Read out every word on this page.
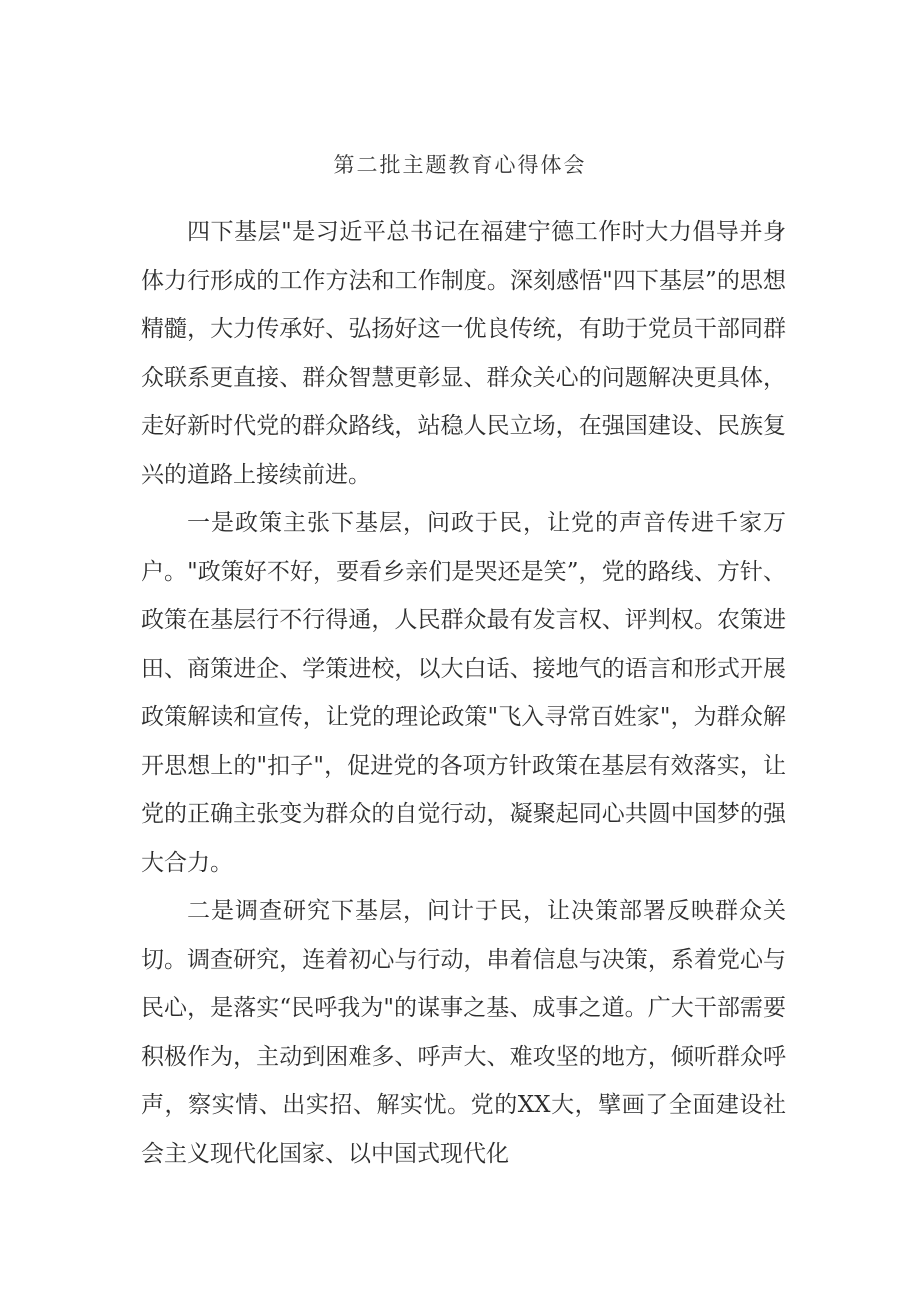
第二批主题教育心得体会

四下基层"是习近平总书记在福建宁德工作时大力倡导并身体力行形成的工作方法和工作制度。深刻感悟"四下基层”的思想精髓，大力传承好、弘扬好这一优良传统，有助于党员干部同群众联系更直接、群众智慧更彰显、群众关心的问题解决更具体，走好新时代党的群众路线，站稳人民立场，在强国建设、民族复兴的道路上接续前进。

一是政策主张下基层，问政于民，让党的声音传进千家万户。"政策好不好，要看乡亲们是哭还是笑”，党的路线、方针、政策在基层行不行得通，人民群众最有发言权、评判权。农策进田、商策进企、学策进校，以大白话、接地气的语言和形式开展政策解读和宣传，让党的理论政策"飞入寻常百姓家"，为群众解开思想上的"扣子"，促进党的各项方针政策在基层有效落实，让党的正确主张变为群众的自觉行动，凝聚起同心共圆中国梦的强大合力。

二是调查研究下基层，问计于民，让决策部署反映群众关切。调查研究，连着初心与行动，串着信息与决策，系着党心与民心，是落实“民呼我为"的谋事之基、成事之道。广大干部需要积极作为，主动到困难多、呼声大、难攻坚的地方，倾听群众呼声，察实情、出实招、解实忧。党的XX大，擘画了全面建设社会主义现代化国家、以中国式现代化
